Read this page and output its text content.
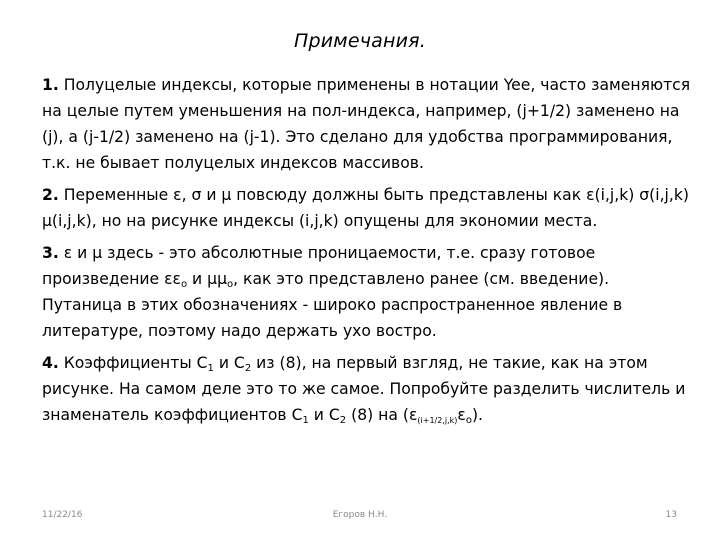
Примечания.

1. Полуцелые индексы, которые применены в нотации Yee, часто заменяются на целые путем уменьшения на пол-индекса, например, (j+1/2) заменено на (j), а (j-1/2) заменено на (j-1). Это сделано для удобства программирования, т.к. не бывает полуцелых индексов массивов.

2. Переменные ε, σ и μ повсюду должны быть представлены как ε(i,j,k) σ(i,j,k) μ(i,j,k), но на рисунке индексы (i,j,k) опущены для экономии места.

3. ε и μ здесь - это абсолютные проницаемости, т.е. сразу готовое произведение $\varepsilon\varepsilon_o$ и $\mu\mu_o$, как это представлено ранее (см. введение). Путаница в этих обозначениях - широко распространенное явление в литературе, поэтому надо держать ухо востро.

4. Коэффициенты $C_1$ и $C_2$ из (8), на первый взгляд, не такие, как на этом рисунке. На самом деле это то же самое. Попробуйте разделить числитель и знаменатель коэффициентов $C_1$ и $C_2$ (8) на $(\varepsilon_{(i+1/2,j,k)}\varepsilon_o)$.

11/22/16	Егоров Н.Н.	13
